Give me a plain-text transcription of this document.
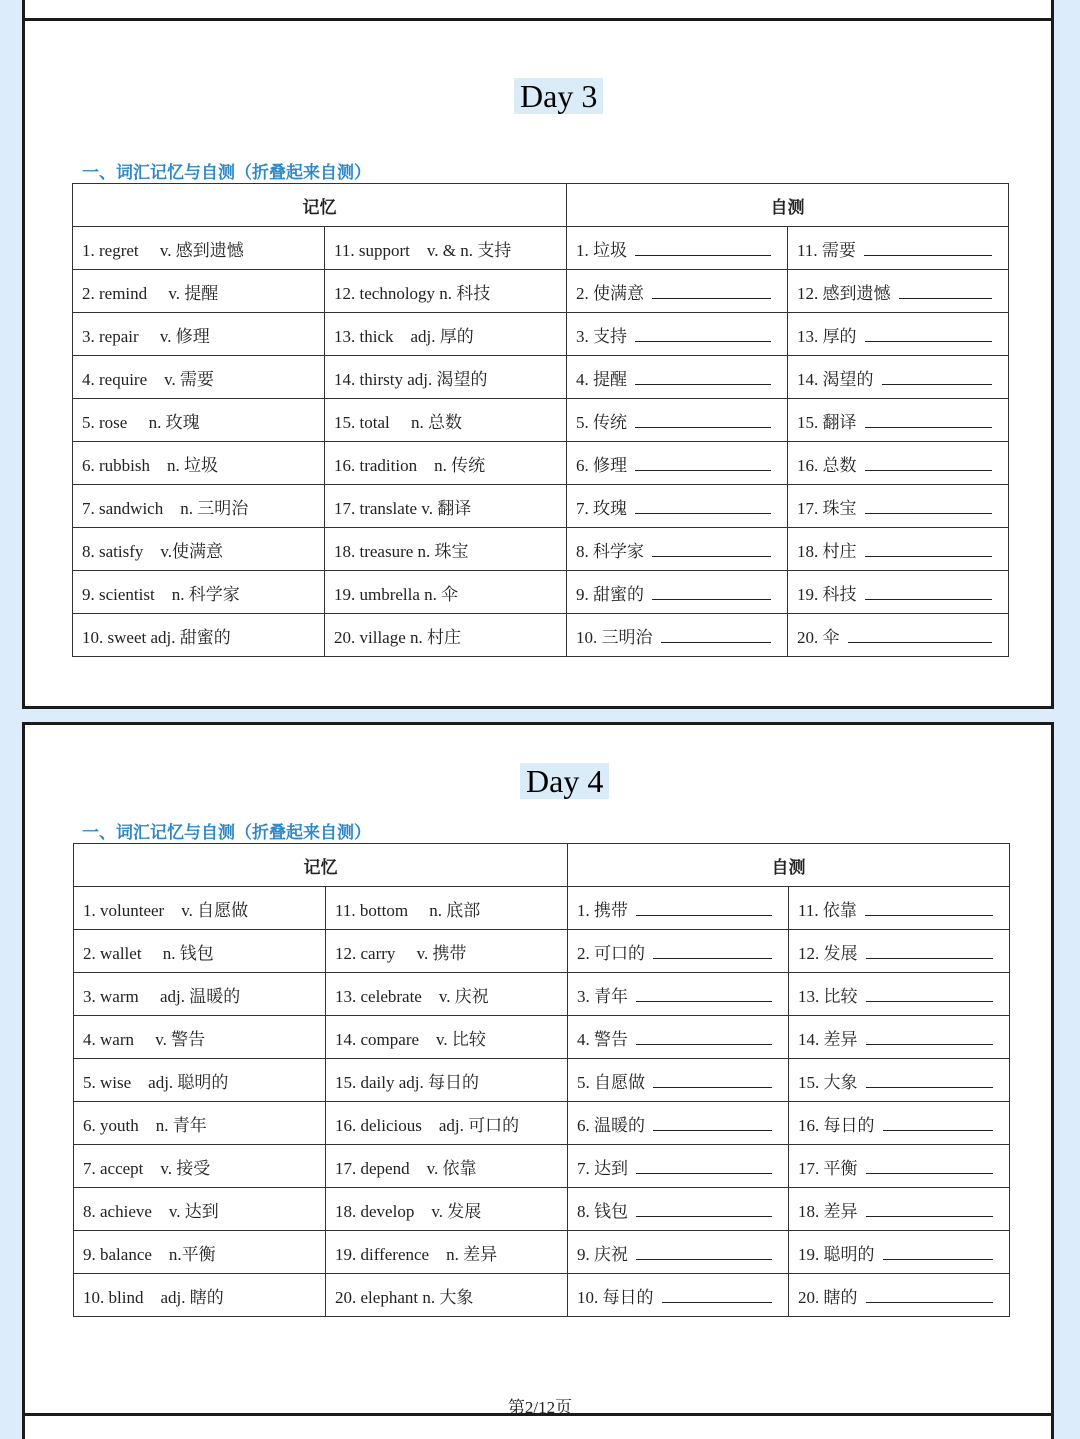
Day 3
一、词汇记忆与自测（折叠起来自测）
记忆		自测	
1. regret　 v. 感到遗憾	11. support　v. & n. 支持	1. 垃圾	11. 需要
2. remind　 v. 提醒	12. technology n. 科技	2. 使满意	12. 感到遗憾
3. repair　 v. 修理	13. thick　adj. 厚的	3. 支持	13. 厚的
4. require　v. 需要	14. thirsty adj. 渴望的	4. 提醒	14. 渴望的
5. rose　 n. 玫瑰	15. total　 n. 总数	5. 传统	15. 翻译
6. rubbish　n. 垃圾	16. tradition　n. 传统	6. 修理	16. 总数
7. sandwich　n. 三明治	17. translate v. 翻译	7. 玫瑰	17. 珠宝
8. satisfy　v.使满意	18. treasure n. 珠宝	8. 科学家	18. 村庄
9. scientist　n. 科学家	19. umbrella n. 伞	9. 甜蜜的	19. 科技
10. sweet adj. 甜蜜的	20. village n. 村庄	10. 三明治	20. 伞
Day 4
一、词汇记忆与自测（折叠起来自测）
记忆		自测	
1. volunteer　v. 自愿做	11. bottom　 n. 底部	1. 携带	11. 依靠
2. wallet　 n. 钱包	12. carry　 v. 携带	2. 可口的	12. 发展
3. warm　 adj. 温暖的	13. celebrate　v. 庆祝	3. 青年	13. 比较
4. warn　 v. 警告	14. compare　v. 比较	4. 警告	14. 差异
5. wise　adj. 聪明的	15. daily adj. 每日的	5. 自愿做	15. 大象
6. youth　n. 青年	16. delicious　adj. 可口的	6. 温暖的	16. 每日的
7. accept　v. 接受	17. depend　v. 依靠	7. 达到	17. 平衡
8. achieve　v. 达到	18. develop　v. 发展	8. 钱包	18. 差异
9. balance　n.平衡	19. difference　n. 差异	9. 庆祝	19. 聪明的
10. blind　adj. 瞎的	20. elephant n. 大象	10. 每日的	20. 瞎的
第2/12页
